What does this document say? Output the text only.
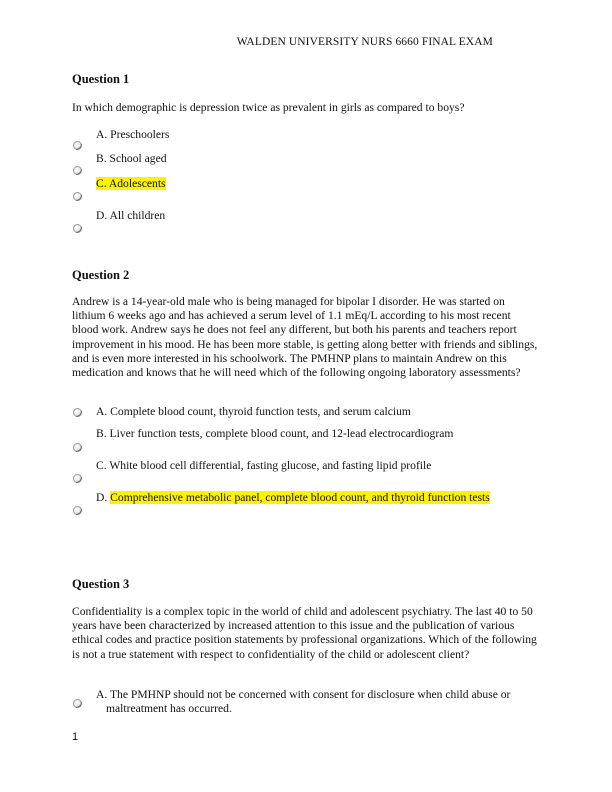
WALDEN UNIVERSITY NURS 6660 FINAL EXAM
Question 1
In which demographic is depression twice as prevalent in girls as compared to boys?
A. Preschoolers
B. School aged
C. Adolescents
D. All children
Question 2
Andrew is a 14-year-old male who is being managed for bipolar I disorder. He was started on lithium 6 weeks ago and has achieved a serum level of 1.1 mEq/L according to his most recent blood work. Andrew says he does not feel any different, but both his parents and teachers report improvement in his mood. He has been more stable, is getting along better with friends and siblings, and is even more interested in his schoolwork. The PMHNP plans to maintain Andrew on this medication and knows that he will need which of the following ongoing laboratory assessments?
A. Complete blood count, thyroid function tests, and serum calcium
B. Liver function tests, complete blood count, and 12-lead electrocardiogram
C. White blood cell differential, fasting glucose, and fasting lipid profile
D. Comprehensive metabolic panel, complete blood count, and thyroid function tests
Question 3
Confidentiality is a complex topic in the world of child and adolescent psychiatry. The last 40 to 50 years have been characterized by increased attention to this issue and the publication of various ethical codes and practice position statements by professional organizations. Which of the following is not a true statement with respect to confidentiality of the child or adolescent client?
A. The PMHNP should not be concerned with consent for disclosure when child abuse or
maltreatment has occurred.
1
